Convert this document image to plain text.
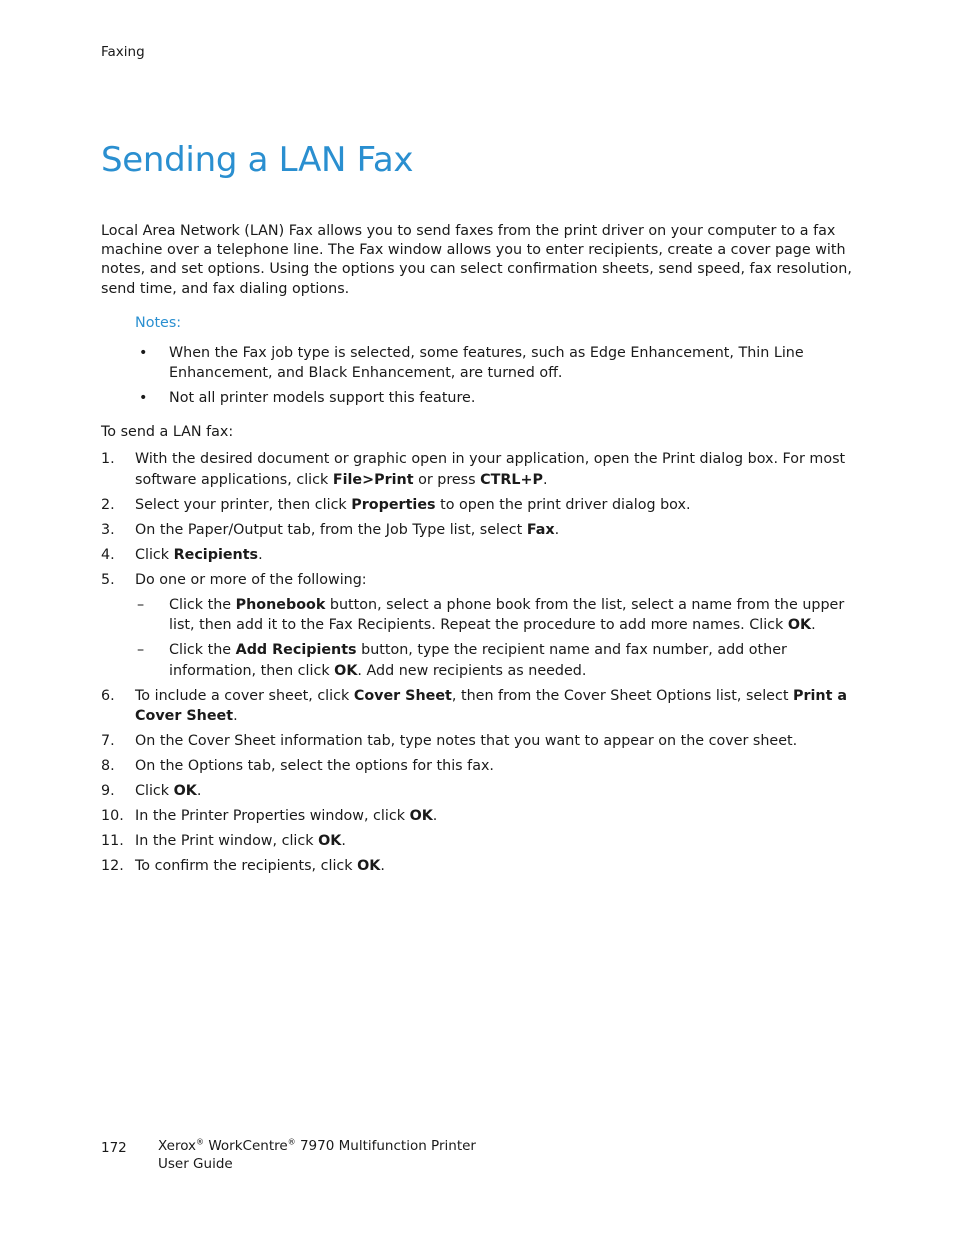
Faxing
Sending a LAN Fax

Local Area Network (LAN) Fax allows you to send faxes from the print driver on your computer to a fax machine over a telephone line. The Fax window allows you to enter recipients, create a cover page with notes, and set options. Using the options you can select confirmation sheets, send speed, fax resolution, send time, and fax dialing options.

Notes:
• When the Fax job type is selected, some features, such as Edge Enhancement, Thin Line Enhancement, and Black Enhancement, are turned off.
• Not all printer models support this feature.

To send a LAN fax:

1. With the desired document or graphic open in your application, open the Print dialog box. For most software applications, click File>Print or press CTRL+P.
2. Select your printer, then click Properties to open the print driver dialog box.
3. On the Paper/Output tab, from the Job Type list, select Fax.
4. Click Recipients.
5. Do one or more of the following:
– Click the Phonebook button, select a phone book from the list, select a name from the upper list, then add it to the Fax Recipients. Repeat the procedure to add more names. Click OK.
– Click the Add Recipients button, type the recipient name and fax number, add other information, then click OK. Add new recipients as needed.
6. To include a cover sheet, click Cover Sheet, then from the Cover Sheet Options list, select Print a Cover Sheet.
7. On the Cover Sheet information tab, type notes that you want to appear on the cover sheet.
8. On the Options tab, select the options for this fax.
9. Click OK.
10. In the Printer Properties window, click OK.
11. In the Print window, click OK.
12. To confirm the recipients, click OK.
172 Xerox® WorkCentre® 7970 Multifunction Printer
User Guide
